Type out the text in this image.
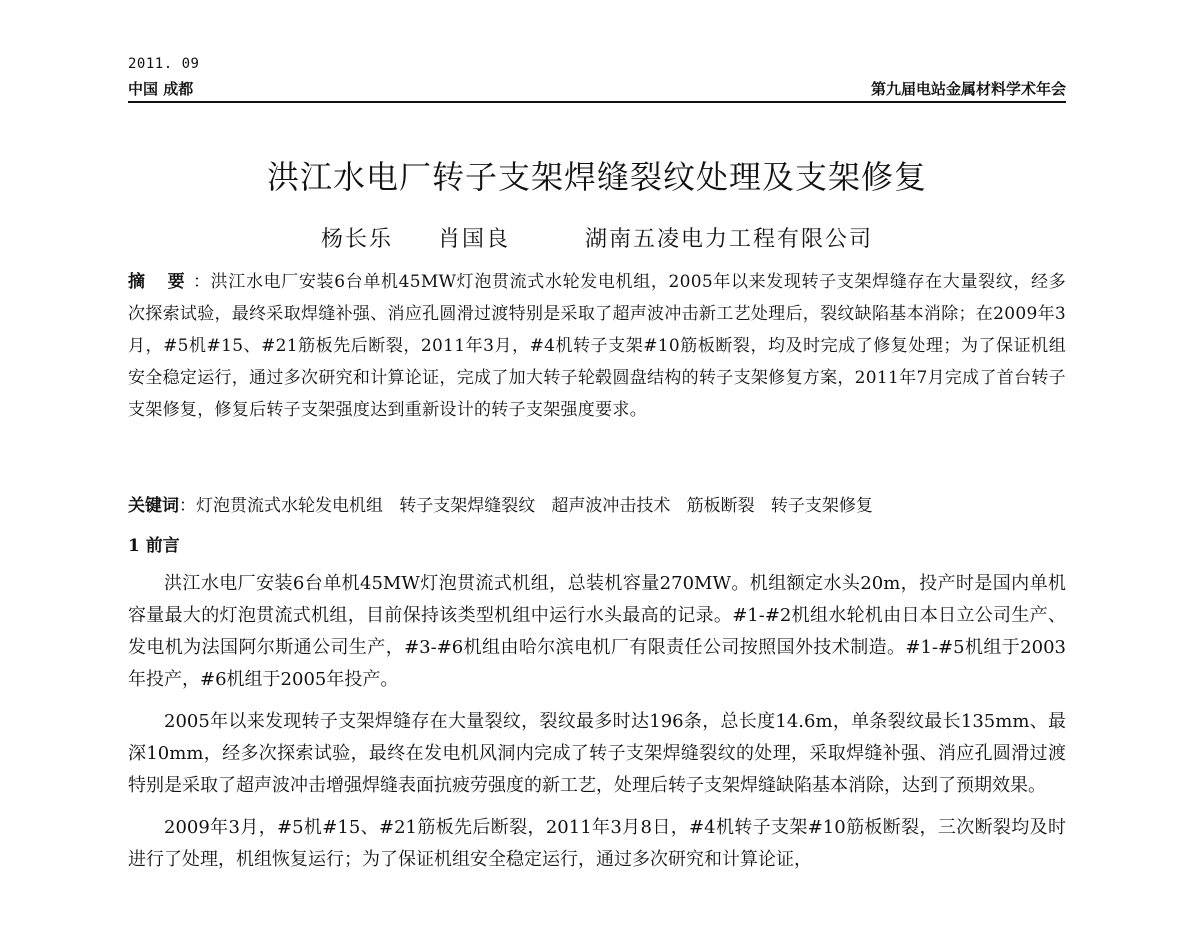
2011. 09
中国 成都	第九届电站金属材料学术年会
洪江水电厂转子支架焊缝裂纹处理及支架修复
杨长乐   肖国良     湖南五凌电力工程有限公司
摘 要：洪江水电厂安装6台单机45MW灯泡贯流式水轮发电机组，2005年以来发现转子支架焊缝存在大量裂纹，经多次探索试验，最终采取焊缝补强、消应孔圆滑过渡特别是采取了超声波冲击新工艺处理后，裂纹缺陷基本消除；在2009年3月，#5机#15、#21筋板先后断裂，2011年3月，#4机转子支架#10筋板断裂，均及时完成了修复处理；为了保证机组安全稳定运行，通过多次研究和计算论证，完成了加大转子轮毂圆盘结构的转子支架修复方案，2011年7月完成了首台转子支架修复，修复后转子支架强度达到重新设计的转子支架强度要求。
关键词：灯泡贯流式水轮发电机组   转子支架焊缝裂纹   超声波冲击技术   筋板断裂   转子支架修复
1 前言

洪江水电厂安装6台单机45MW灯泡贯流式机组，总装机容量270MW。机组额定水头20m，投产时是国内单机容量最大的灯泡贯流式机组，目前保持该类型机组中运行水头最高的记录。#1-#2机组水轮机由日本日立公司生产、发电机为法国阿尔斯通公司生产，#3-#6机组由哈尔滨电机厂有限责任公司按照国外技术制造。#1-#5机组于2003年投产，#6机组于2005年投产。

2005年以来发现转子支架焊缝存在大量裂纹，裂纹最多时达196条，总长度14.6m，单条裂纹最长135mm、最深10mm，经多次探索试验，最终在发电机风洞内完成了转子支架焊缝裂纹的处理，采取焊缝补强、消应孔圆滑过渡特别是采取了超声波冲击增强焊缝表面抗疲劳强度的新工艺，处理后转子支架焊缝缺陷基本消除，达到了预期效果。

2009年3月，#5机#15、#21筋板先后断裂，2011年3月8日，#4机转子支架#10筋板断裂，三次断裂均及时进行了处理，机组恢复运行；为了保证机组安全稳定运行，通过多次研究和计算论证，
